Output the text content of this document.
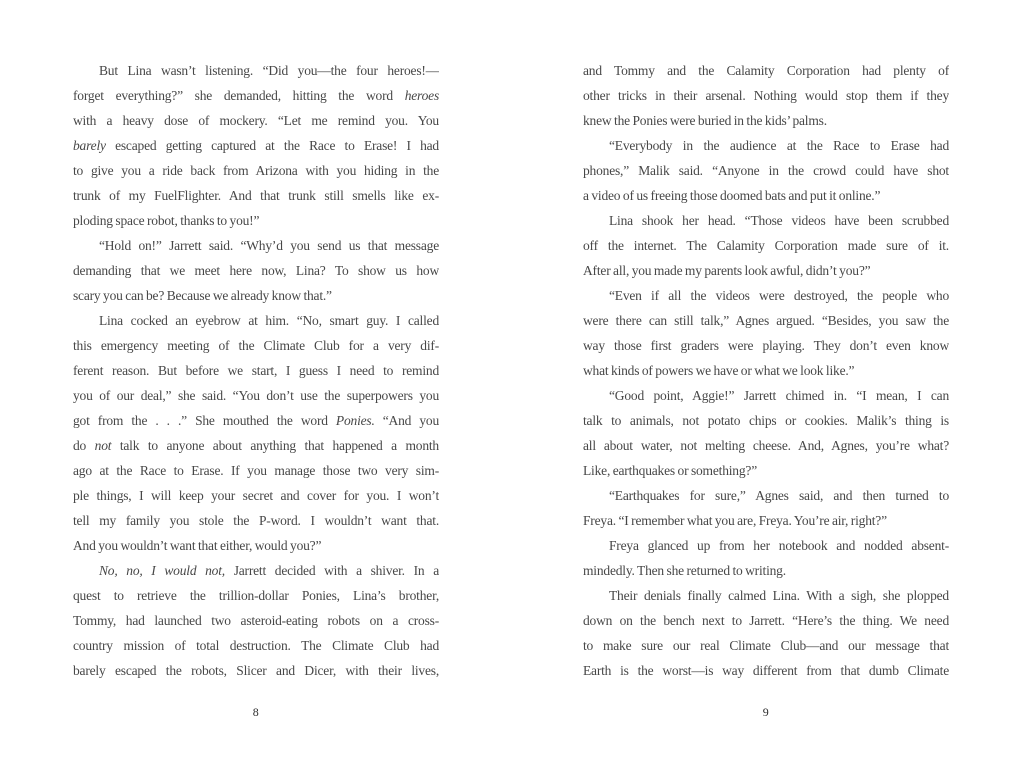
But Lina wasn’t listening. “Did you—the four heroes!—
forget everything?” she demanded, hitting the word heroes
with a heavy dose of mockery. “Let me remind you. You
barely escaped getting captured at the Race to Erase! I had
to give you a ride back from Arizona with you hiding in the
trunk of my FuelFlighter. And that trunk still smells like ex-
ploding space robot, thanks to you!”
“Hold on!” Jarrett said. “Why’d you send us that message
demanding that we meet here now, Lina? To show us how
scary you can be? Because we already know that.”
Lina cocked an eyebrow at him. “No, smart guy. I called
this emergency meeting of the Climate Club for a very dif-
ferent reason. But before we start, I guess I need to remind
you of our deal,” she said. “You don’t use the superpowers you
got from the . . .” She mouthed the word Ponies. “And you
do not talk to anyone about anything that happened a month
ago at the Race to Erase. If you manage those two very sim-
ple things, I will keep your secret and cover for you. I won’t
tell my family you stole the P-word. I wouldn’t want that.
And you wouldn’t want that either, would you?”
No, no, I would not, Jarrett decided with a shiver. In a
quest to retrieve the trillion-dollar Ponies, Lina’s brother,
Tommy, had launched two asteroid-eating robots on a cross-
country mission of total destruction. The Climate Club had
barely escaped the robots, Slicer and Dicer, with their lives,
and Tommy and the Calamity Corporation had plenty of
other tricks in their arsenal. Nothing would stop them if they
knew the Ponies were buried in the kids’ palms.
“Everybody in the audience at the Race to Erase had
phones,” Malik said. “Anyone in the crowd could have shot
a video of us freeing those doomed bats and put it online.”
Lina shook her head. “Those videos have been scrubbed
off the internet. The Calamity Corporation made sure of it.
After all, you made my parents look awful, didn’t you?”
“Even if all the videos were destroyed, the people who
were there can still talk,” Agnes argued. “Besides, you saw the
way those first graders were playing. They don’t even know
what kinds of powers we have or what we look like.”
“Good point, Aggie!” Jarrett chimed in. “I mean, I can
talk to animals, not potato chips or cookies. Malik’s thing is
all about water, not melting cheese. And, Agnes, you’re what?
Like, earthquakes or something?”
“Earthquakes for sure,” Agnes said, and then turned to
Freya. “I remember what you are, Freya. You’re air, right?”
Freya glanced up from her notebook and nodded absent-
mindedly. Then she returned to writing.
Their denials finally calmed Lina. With a sigh, she plopped
down on the bench next to Jarrett. “Here’s the thing. We need
to make sure our real Climate Club—and our message that
Earth is the worst—is way different from that dumb Climate
8	9
